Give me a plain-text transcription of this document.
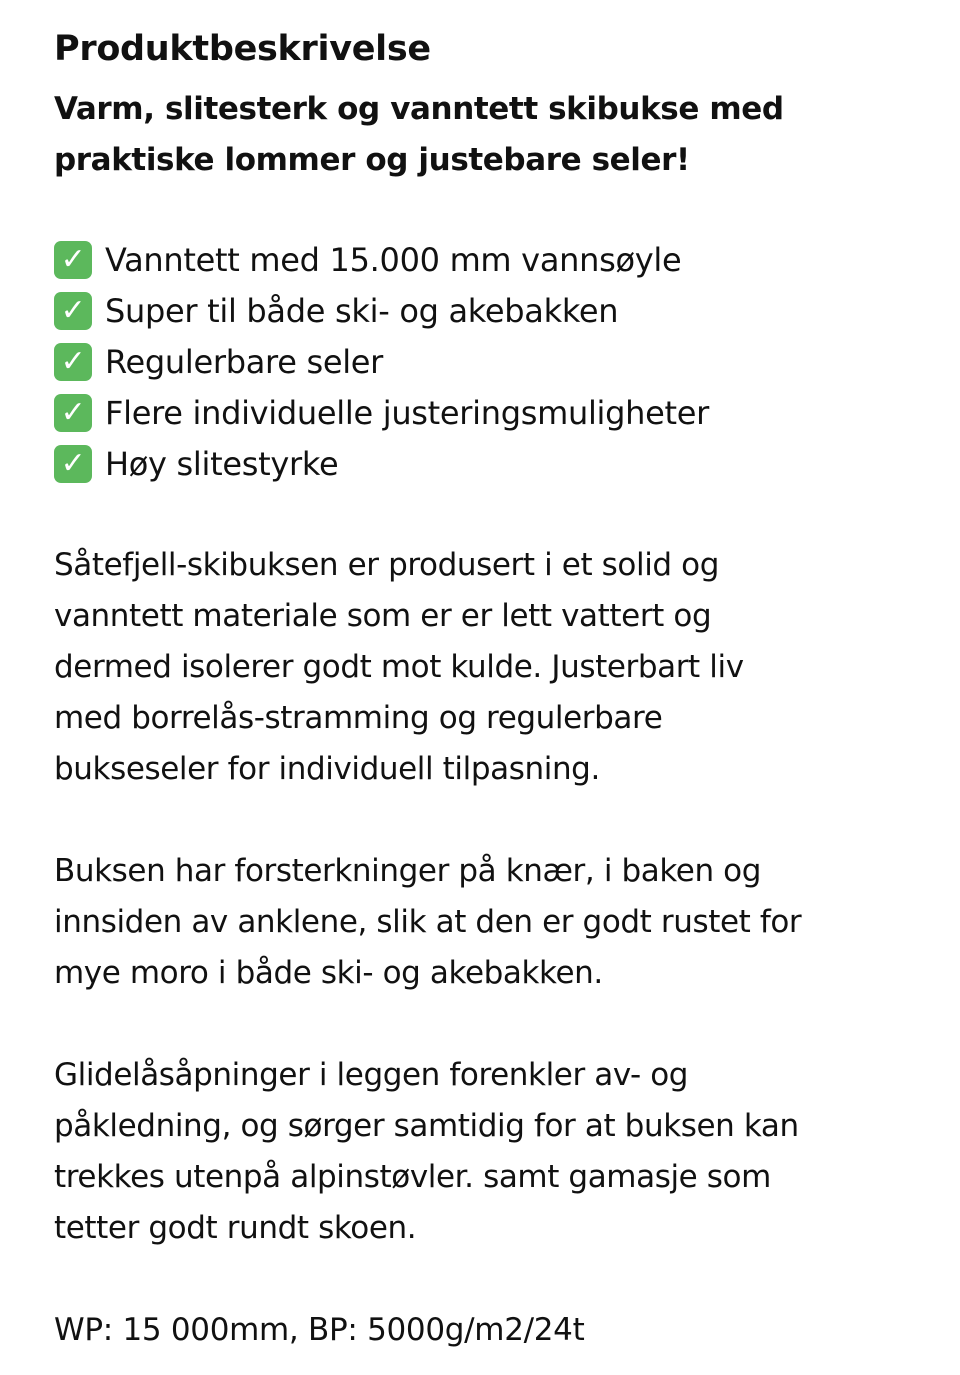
Produktbeskrivelse

Varm, slitesterk og vanntett skibukse med
praktiske lommer og justebare seler!

✓ Vanntett med 15.000 mm vannsøyle
✓ Super til både ski- og akebakken
✓ Regulerbare seler
✓ Flere individuelle justeringsmuligheter
✓ Høy slitestyrke

Såtefjell-skibuksen er produsert i et solid og
vanntett materiale som er er lett vattert og
dermed isolerer godt mot kulde. Justerbart liv
med borrelås-stramming og regulerbare
bukseseler for individuell tilpasning.

Buksen har forsterkninger på knær, i baken og
innsiden av anklene, slik at den er godt rustet for
mye moro i både ski- og akebakken.

Glidelåsåpninger i leggen forenkler av- og
påkledning, og sørger samtidig for at buksen kan
trekkes utenpå alpinstøvler. samt gamasje som
tetter godt rundt skoen.

WP: 15 000mm, BP: 5000g/m2/24t
